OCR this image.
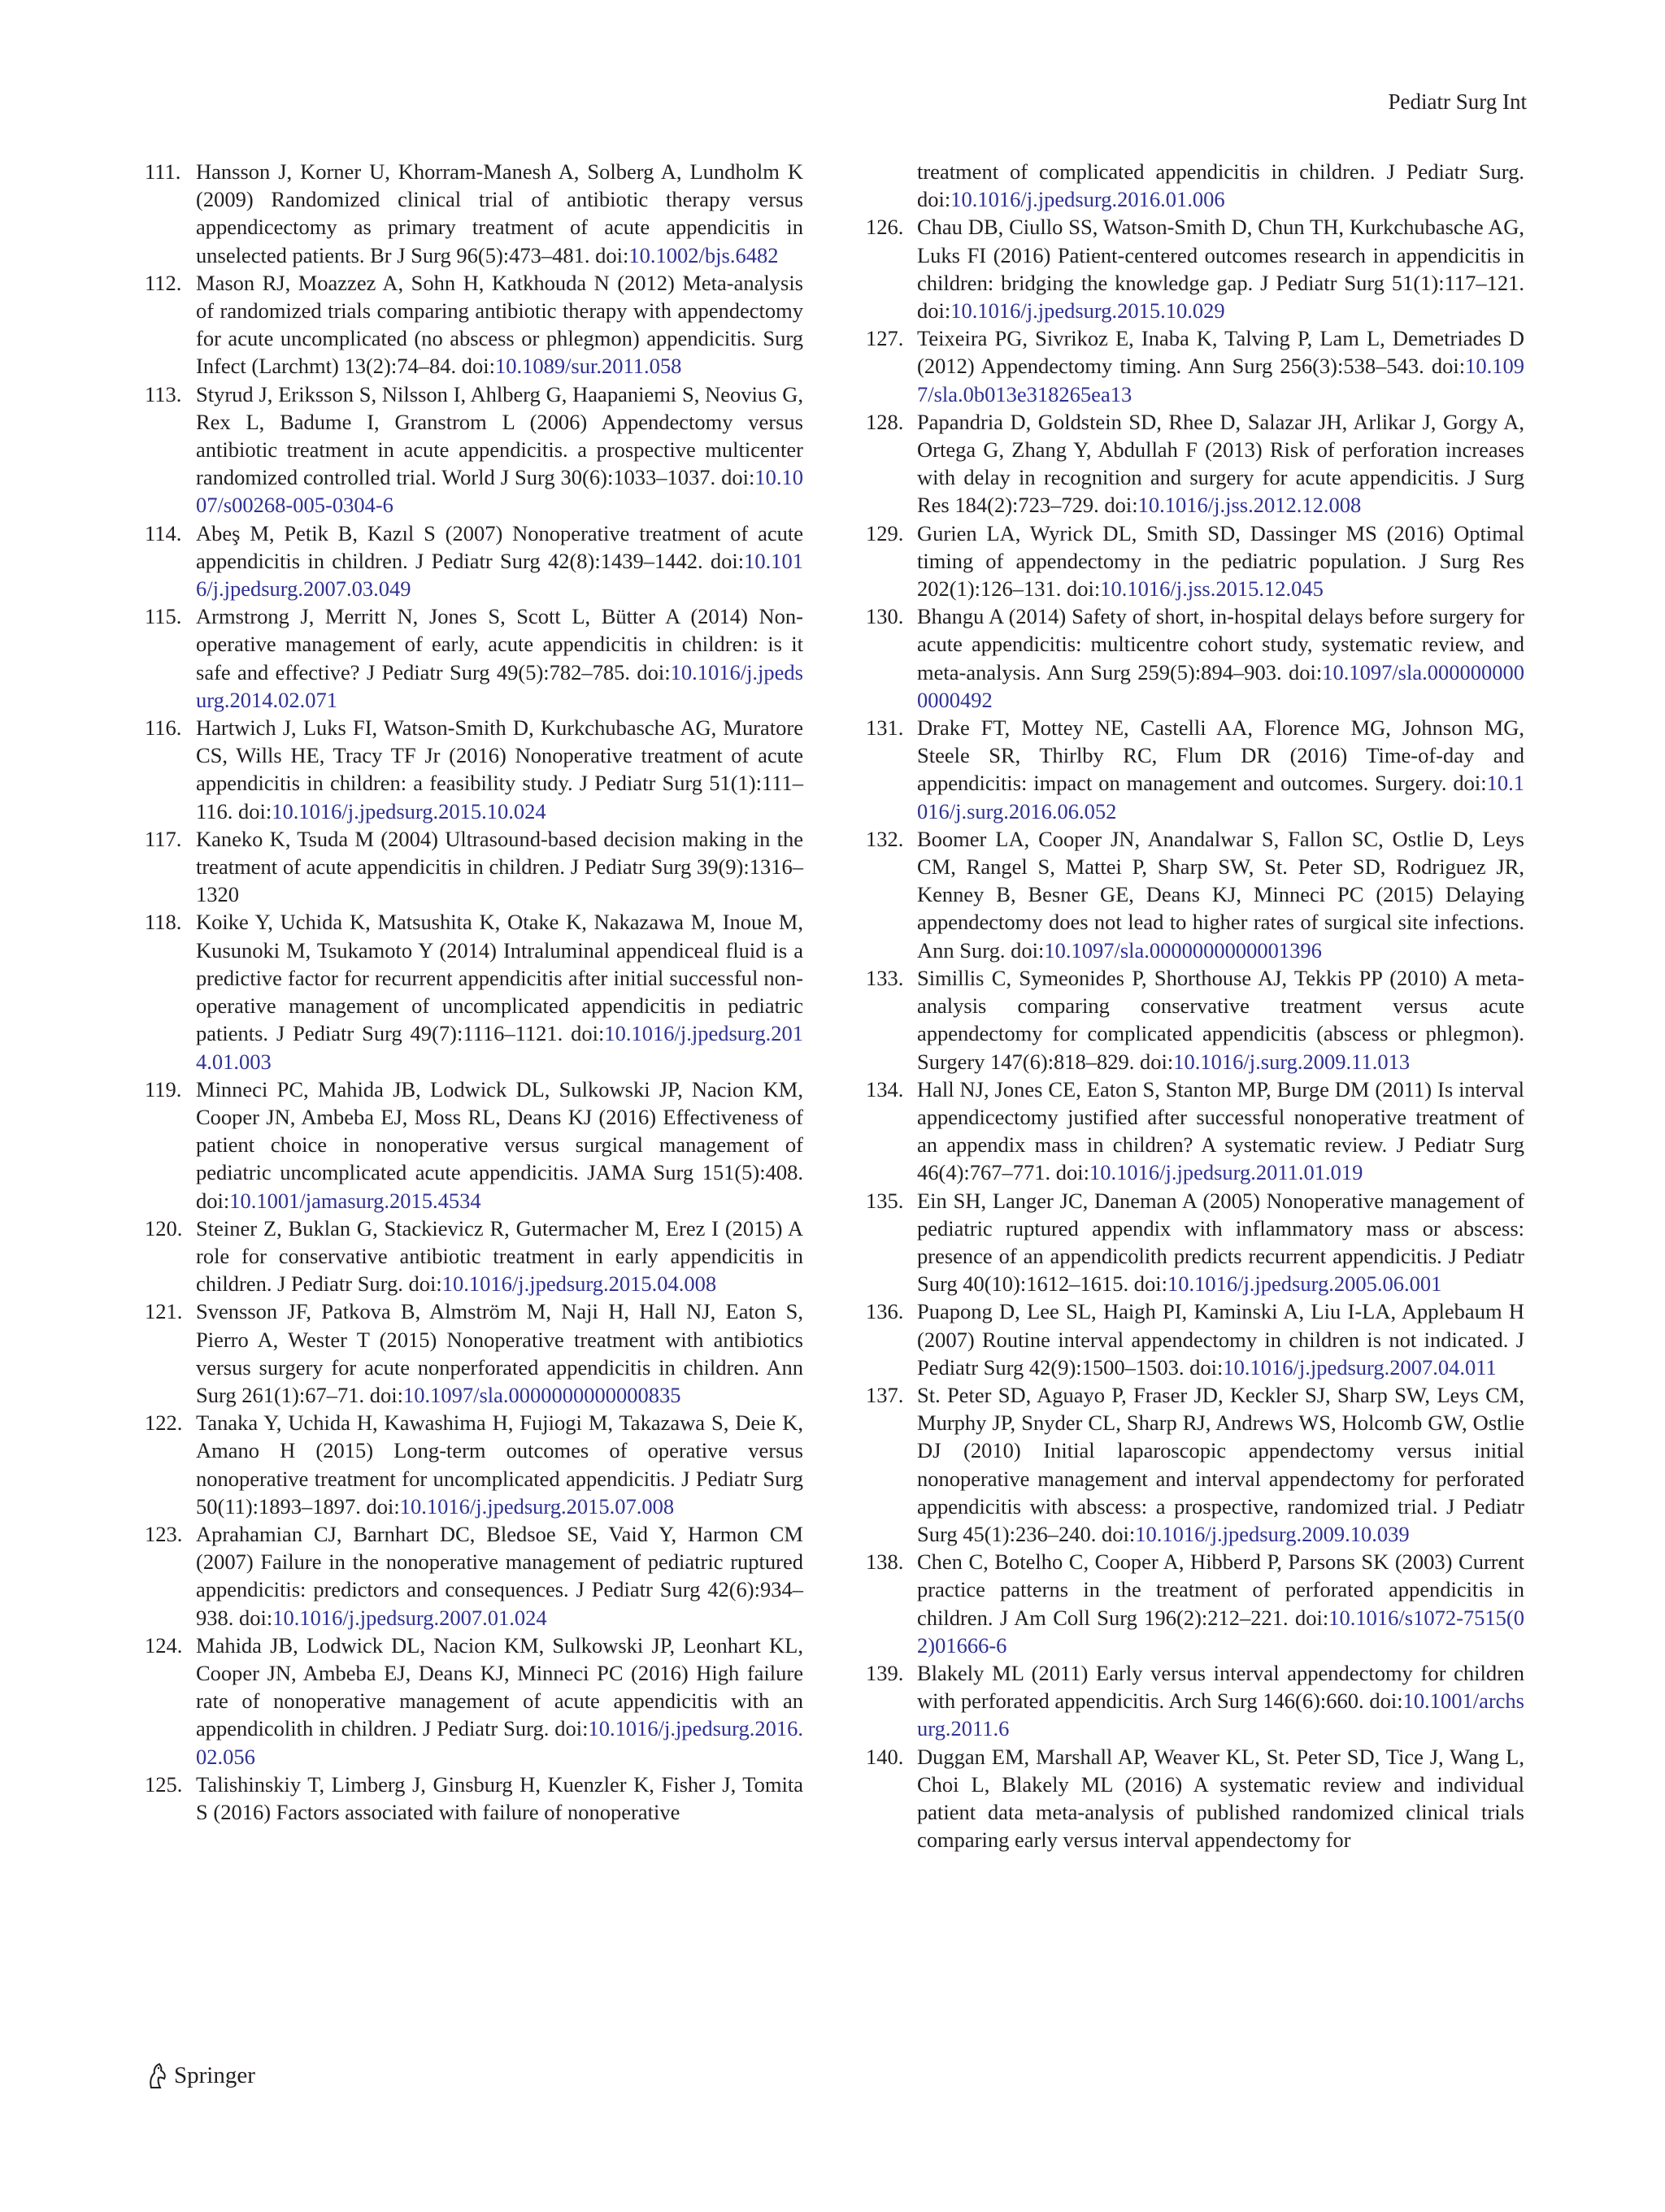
Pediatr Surg Int
111. Hansson J, Korner U, Khorram-Manesh A, Solberg A, Lundholm K (2009) Randomized clinical trial of antibiotic therapy versus appendicectomy as primary treatment of acute appendicitis in unselected patients. Br J Surg 96(5):473–481. doi:10.1002/bjs.6482
112. Mason RJ, Moazzez A, Sohn H, Katkhouda N (2012) Meta-analysis of randomized trials comparing antibiotic therapy with appendectomy for acute uncomplicated (no abscess or phlegmon) appendicitis. Surg Infect (Larchmt) 13(2):74–84. doi:10.1089/sur.2011.058
113. Styrud J, Eriksson S, Nilsson I, Ahlberg G, Haapaniemi S, Neovius G, Rex L, Badume I, Granstrom L (2006) Appendectomy versus antibiotic treatment in acute appendicitis. a prospective multicenter randomized controlled trial. World J Surg 30(6):1033–1037. doi:10.1007/s00268-005-0304-6
114. Abeş M, Petik B, Kazıl S (2007) Nonoperative treatment of acute appendicitis in children. J Pediatr Surg 42(8):1439–1442. doi:10.1016/j.jpedsurg.2007.03.049
115. Armstrong J, Merritt N, Jones S, Scott L, Bütter A (2014) Non-operative management of early, acute appendicitis in children: is it safe and effective? J Pediatr Surg 49(5):782–785. doi:10.1016/j.jpedsurg.2014.02.071
116. Hartwich J, Luks FI, Watson-Smith D, Kurkchubasche AG, Muratore CS, Wills HE, Tracy TF Jr (2016) Nonoperative treatment of acute appendicitis in children: a feasibility study. J Pediatr Surg 51(1):111–116. doi:10.1016/j.jpedsurg.2015.10.024
117. Kaneko K, Tsuda M (2004) Ultrasound-based decision making in the treatment of acute appendicitis in children. J Pediatr Surg 39(9):1316–1320
118. Koike Y, Uchida K, Matsushita K, Otake K, Nakazawa M, Inoue M, Kusunoki M, Tsukamoto Y (2014) Intraluminal appendiceal fluid is a predictive factor for recurrent appendicitis after initial successful non-operative management of uncomplicated appendicitis in pediatric patients. J Pediatr Surg 49(7):1116–1121. doi:10.1016/j.jpedsurg.2014.01.003
119. Minneci PC, Mahida JB, Lodwick DL, Sulkowski JP, Nacion KM, Cooper JN, Ambeba EJ, Moss RL, Deans KJ (2016) Effectiveness of patient choice in nonoperative versus surgical management of pediatric uncomplicated acute appendicitis. JAMA Surg 151(5):408. doi:10.1001/jamasurg.2015.4534
120. Steiner Z, Buklan G, Stackievicz R, Gutermacher M, Erez I (2015) A role for conservative antibiotic treatment in early appendicitis in children. J Pediatr Surg. doi:10.1016/j.jpedsurg.2015.04.008
121. Svensson JF, Patkova B, Almström M, Naji H, Hall NJ, Eaton S, Pierro A, Wester T (2015) Nonoperative treatment with antibiotics versus surgery for acute nonperforated appendicitis in children. Ann Surg 261(1):67–71. doi:10.1097/sla.0000000000000835
122. Tanaka Y, Uchida H, Kawashima H, Fujiogi M, Takazawa S, Deie K, Amano H (2015) Long-term outcomes of operative versus nonoperative treatment for uncomplicated appendicitis. J Pediatr Surg 50(11):1893–1897. doi:10.1016/j.jpedsurg.2015.07.008
123. Aprahamian CJ, Barnhart DC, Bledsoe SE, Vaid Y, Harmon CM (2007) Failure in the nonoperative management of pediatric ruptured appendicitis: predictors and consequences. J Pediatr Surg 42(6):934–938. doi:10.1016/j.jpedsurg.2007.01.024
124. Mahida JB, Lodwick DL, Nacion KM, Sulkowski JP, Leonhart KL, Cooper JN, Ambeba EJ, Deans KJ, Minneci PC (2016) High failure rate of nonoperative management of acute appendicitis with an appendicolith in children. J Pediatr Surg. doi:10.1016/j.jpedsurg.2016.02.056
125. Talishinskiy T, Limberg J, Ginsburg H, Kuenzler K, Fisher J, Tomita S (2016) Factors associated with failure of nonoperative
treatment of complicated appendicitis in children. J Pediatr Surg. doi:10.1016/j.jpedsurg.2016.01.006
126. Chau DB, Ciullo SS, Watson-Smith D, Chun TH, Kurkchubasche AG, Luks FI (2016) Patient-centered outcomes research in appendicitis in children: bridging the knowledge gap. J Pediatr Surg 51(1):117–121. doi:10.1016/j.jpedsurg.2015.10.029
127. Teixeira PG, Sivrikoz E, Inaba K, Talving P, Lam L, Demetriades D (2012) Appendectomy timing. Ann Surg 256(3):538–543. doi:10.1097/sla.0b013e318265ea13
128. Papandria D, Goldstein SD, Rhee D, Salazar JH, Arlikar J, Gorgy A, Ortega G, Zhang Y, Abdullah F (2013) Risk of perforation increases with delay in recognition and surgery for acute appendicitis. J Surg Res 184(2):723–729. doi:10.1016/j.jss.2012.12.008
129. Gurien LA, Wyrick DL, Smith SD, Dassinger MS (2016) Optimal timing of appendectomy in the pediatric population. J Surg Res 202(1):126–131. doi:10.1016/j.jss.2015.12.045
130. Bhangu A (2014) Safety of short, in-hospital delays before surgery for acute appendicitis: multicentre cohort study, systematic review, and meta-analysis. Ann Surg 259(5):894–903. doi:10.1097/sla.0000000000000492
131. Drake FT, Mottey NE, Castelli AA, Florence MG, Johnson MG, Steele SR, Thirlby RC, Flum DR (2016) Time-of-day and appendicitis: impact on management and outcomes. Surgery. doi:10.1016/j.surg.2016.06.052
132. Boomer LA, Cooper JN, Anandalwar S, Fallon SC, Ostlie D, Leys CM, Rangel S, Mattei P, Sharp SW, St. Peter SD, Rodriguez JR, Kenney B, Besner GE, Deans KJ, Minneci PC (2015) Delaying appendectomy does not lead to higher rates of surgical site infections. Ann Surg. doi:10.1097/sla.0000000000001396
133. Simillis C, Symeonides P, Shorthouse AJ, Tekkis PP (2010) A meta-analysis comparing conservative treatment versus acute appendectomy for complicated appendicitis (abscess or phlegmon). Surgery 147(6):818–829. doi:10.1016/j.surg.2009.11.013
134. Hall NJ, Jones CE, Eaton S, Stanton MP, Burge DM (2011) Is interval appendicectomy justified after successful nonoperative treatment of an appendix mass in children? A systematic review. J Pediatr Surg 46(4):767–771. doi:10.1016/j.jpedsurg.2011.01.019
135. Ein SH, Langer JC, Daneman A (2005) Nonoperative management of pediatric ruptured appendix with inflammatory mass or abscess: presence of an appendicolith predicts recurrent appendicitis. J Pediatr Surg 40(10):1612–1615. doi:10.1016/j.jpedsurg.2005.06.001
136. Puapong D, Lee SL, Haigh PI, Kaminski A, Liu I-LA, Applebaum H (2007) Routine interval appendectomy in children is not indicated. J Pediatr Surg 42(9):1500–1503. doi:10.1016/j.jpedsurg.2007.04.011
137. St. Peter SD, Aguayo P, Fraser JD, Keckler SJ, Sharp SW, Leys CM, Murphy JP, Snyder CL, Sharp RJ, Andrews WS, Holcomb GW, Ostlie DJ (2010) Initial laparoscopic appendectomy versus initial nonoperative management and interval appendectomy for perforated appendicitis with abscess: a prospective, randomized trial. J Pediatr Surg 45(1):236–240. doi:10.1016/j.jpedsurg.2009.10.039
138. Chen C, Botelho C, Cooper A, Hibberd P, Parsons SK (2003) Current practice patterns in the treatment of perforated appendicitis in children. J Am Coll Surg 196(2):212–221. doi:10.1016/s1072-7515(02)01666-6
139. Blakely ML (2011) Early versus interval appendectomy for children with perforated appendicitis. Arch Surg 146(6):660. doi:10.1001/archsurg.2011.6
140. Duggan EM, Marshall AP, Weaver KL, St. Peter SD, Tice J, Wang L, Choi L, Blakely ML (2016) A systematic review and individual patient data meta-analysis of published randomized clinical trials comparing early versus interval appendectomy for
Springer
